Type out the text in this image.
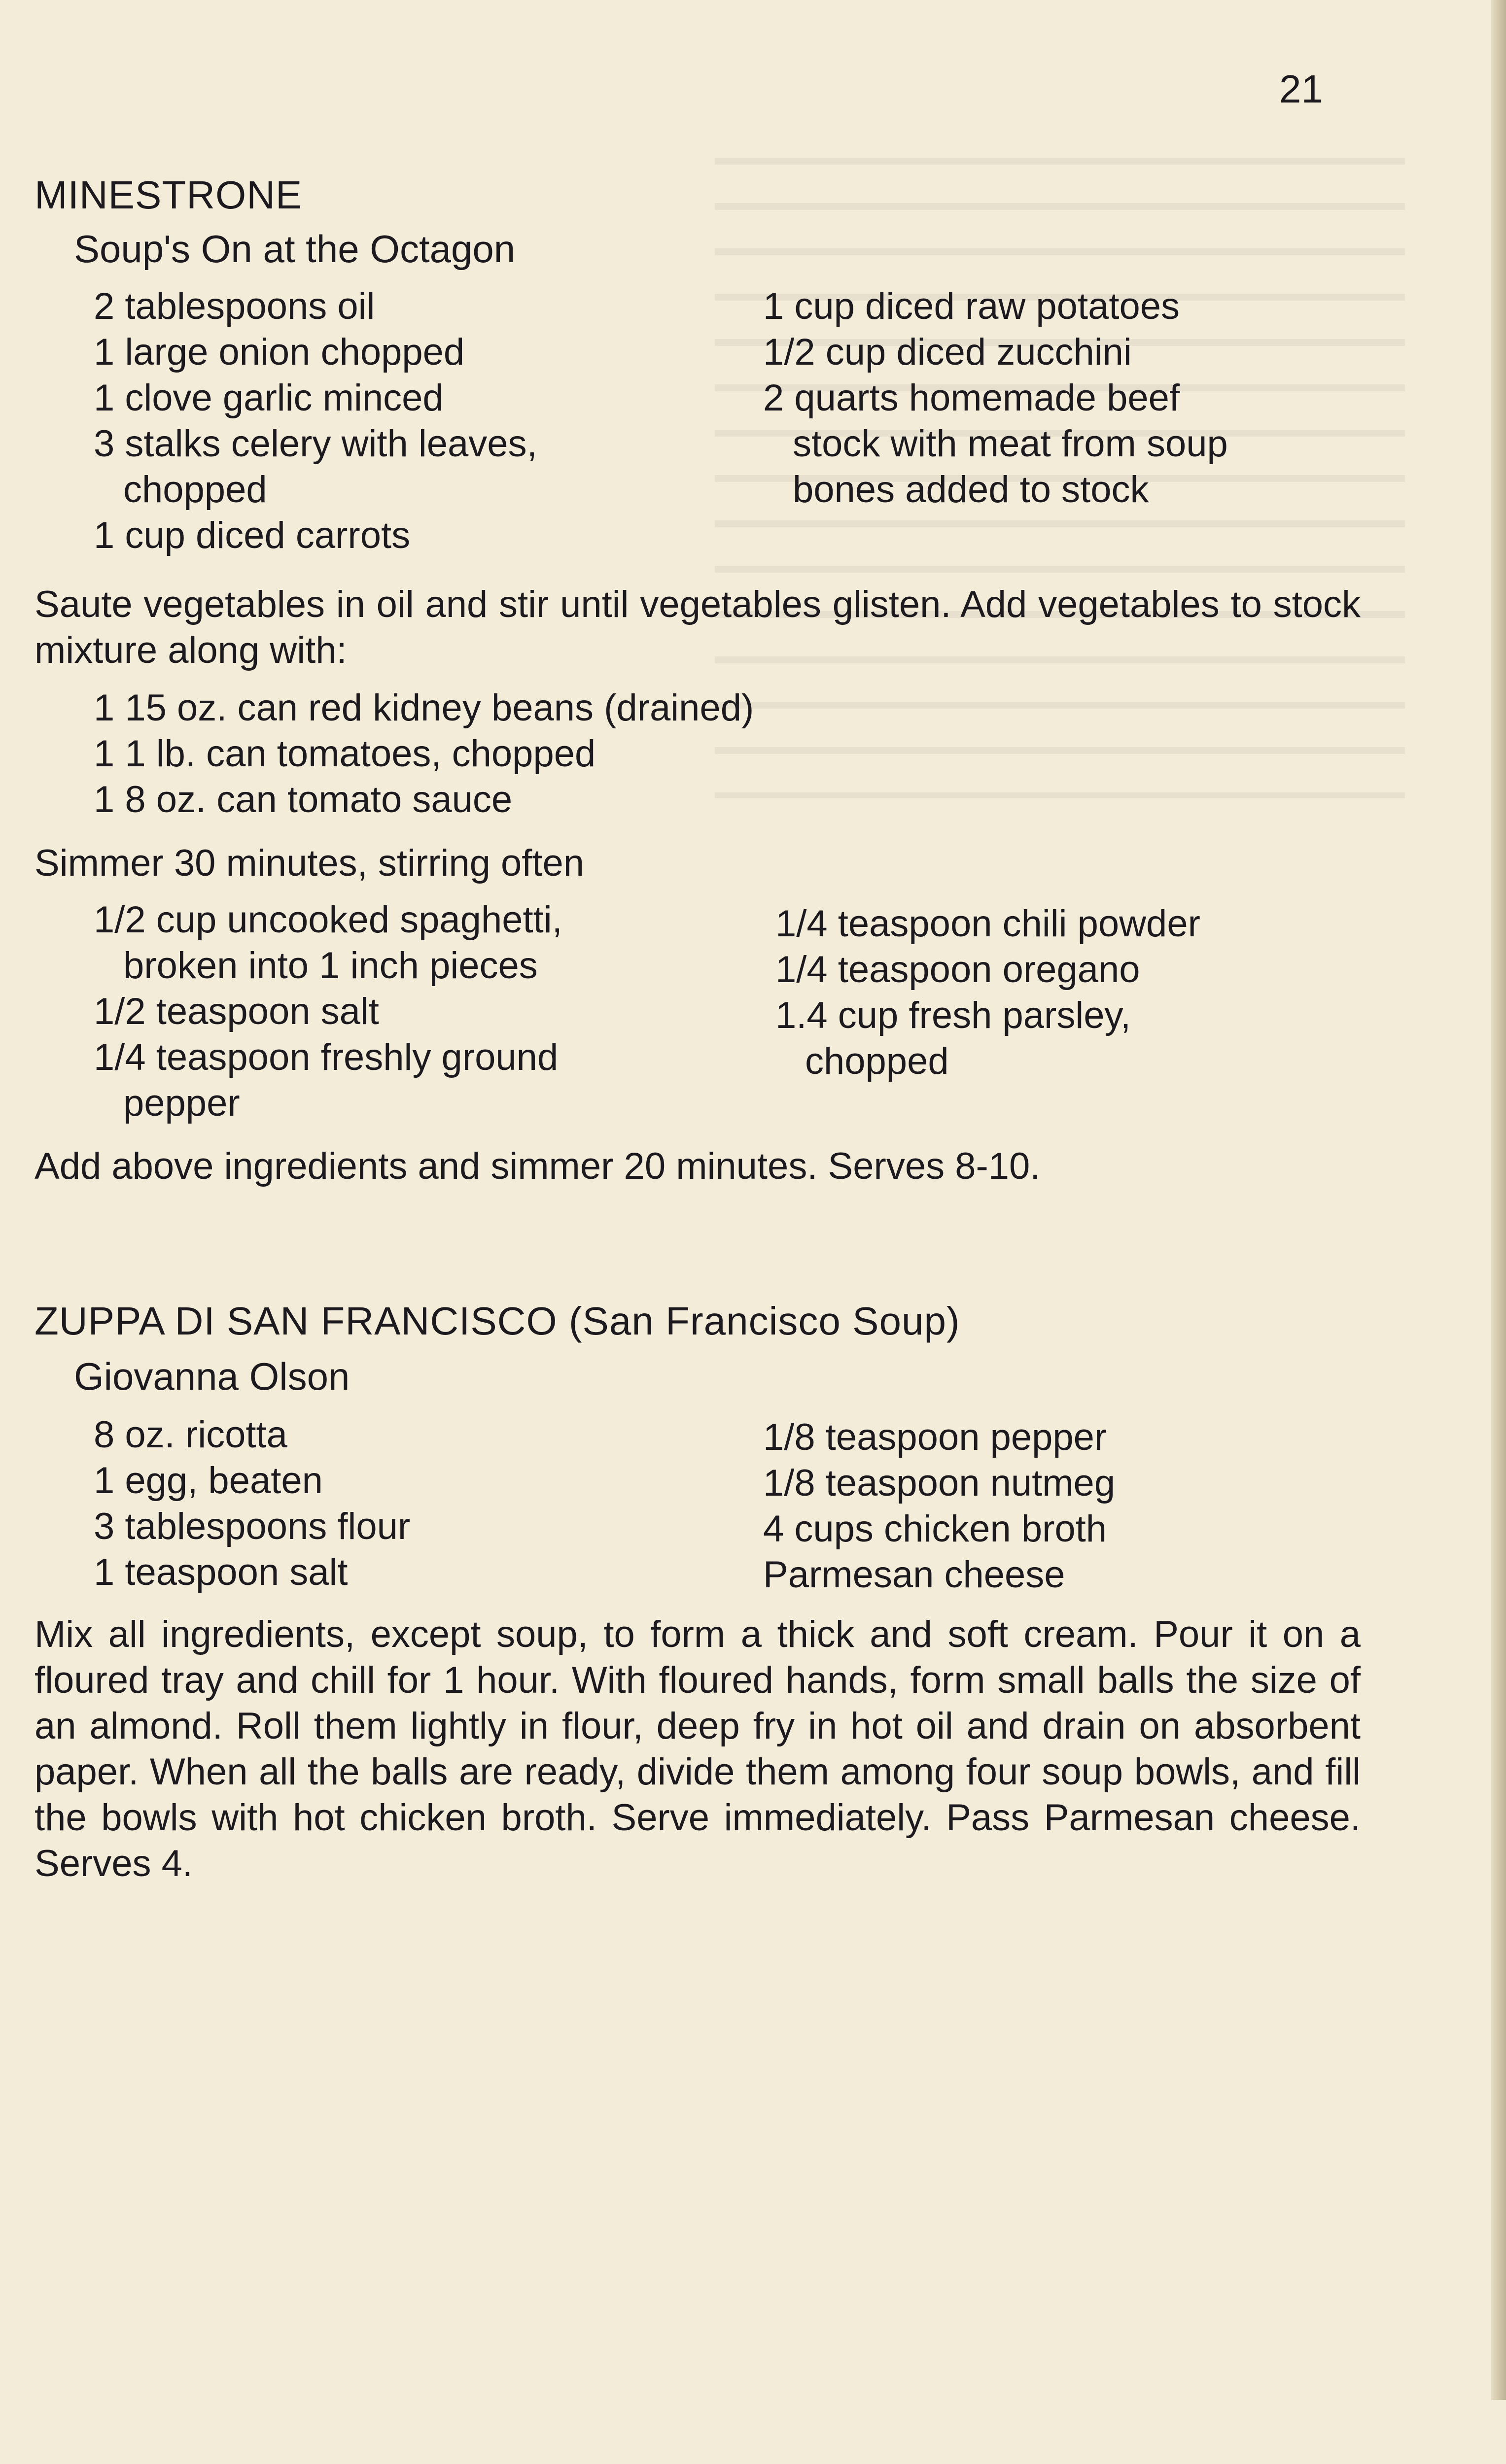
21
MINESTRONE
Soup's On at the Octagon
2 tablespoons oil
1 large onion chopped
1 clove garlic minced
3 stalks celery with leaves,
chopped
1 cup diced carrots
1 cup diced raw potatoes
1/2 cup diced zucchini
2 quarts homemade beef
stock with meat from soup
bones added to stock
Saute vegetables in oil and stir until vegetables glisten. Add vegetables to stock mixture along with:
1 15 oz. can red kidney beans (drained)
1 1 lb. can tomatoes, chopped
1 8 oz. can tomato sauce
Simmer 30 minutes, stirring often
1/2 cup uncooked spaghetti,
broken into 1 inch pieces
1/2 teaspoon salt
1/4 teaspoon freshly ground
pepper
1/4 teaspoon chili powder
1/4 teaspoon oregano
1.4 cup fresh parsley,
chopped
Add above ingredients and simmer 20 minutes. Serves 8-10.
ZUPPA DI SAN FRANCISCO (San Francisco Soup)
Giovanna Olson
8 oz. ricotta
1 egg, beaten
3 tablespoons flour
1 teaspoon salt
1/8 teaspoon pepper
1/8 teaspoon nutmeg
4 cups chicken broth
Parmesan cheese
Mix all ingredients, except soup, to form a thick and soft cream. Pour it on a floured tray and chill for 1 hour. With floured hands, form small balls the size of an almond. Roll them lightly in flour, deep fry in hot oil and drain on absorbent paper. When all the balls are ready, divide them among four soup bowls, and fill the bowls with hot chicken broth. Serve immediately. Pass Parmesan cheese. Serves 4.
